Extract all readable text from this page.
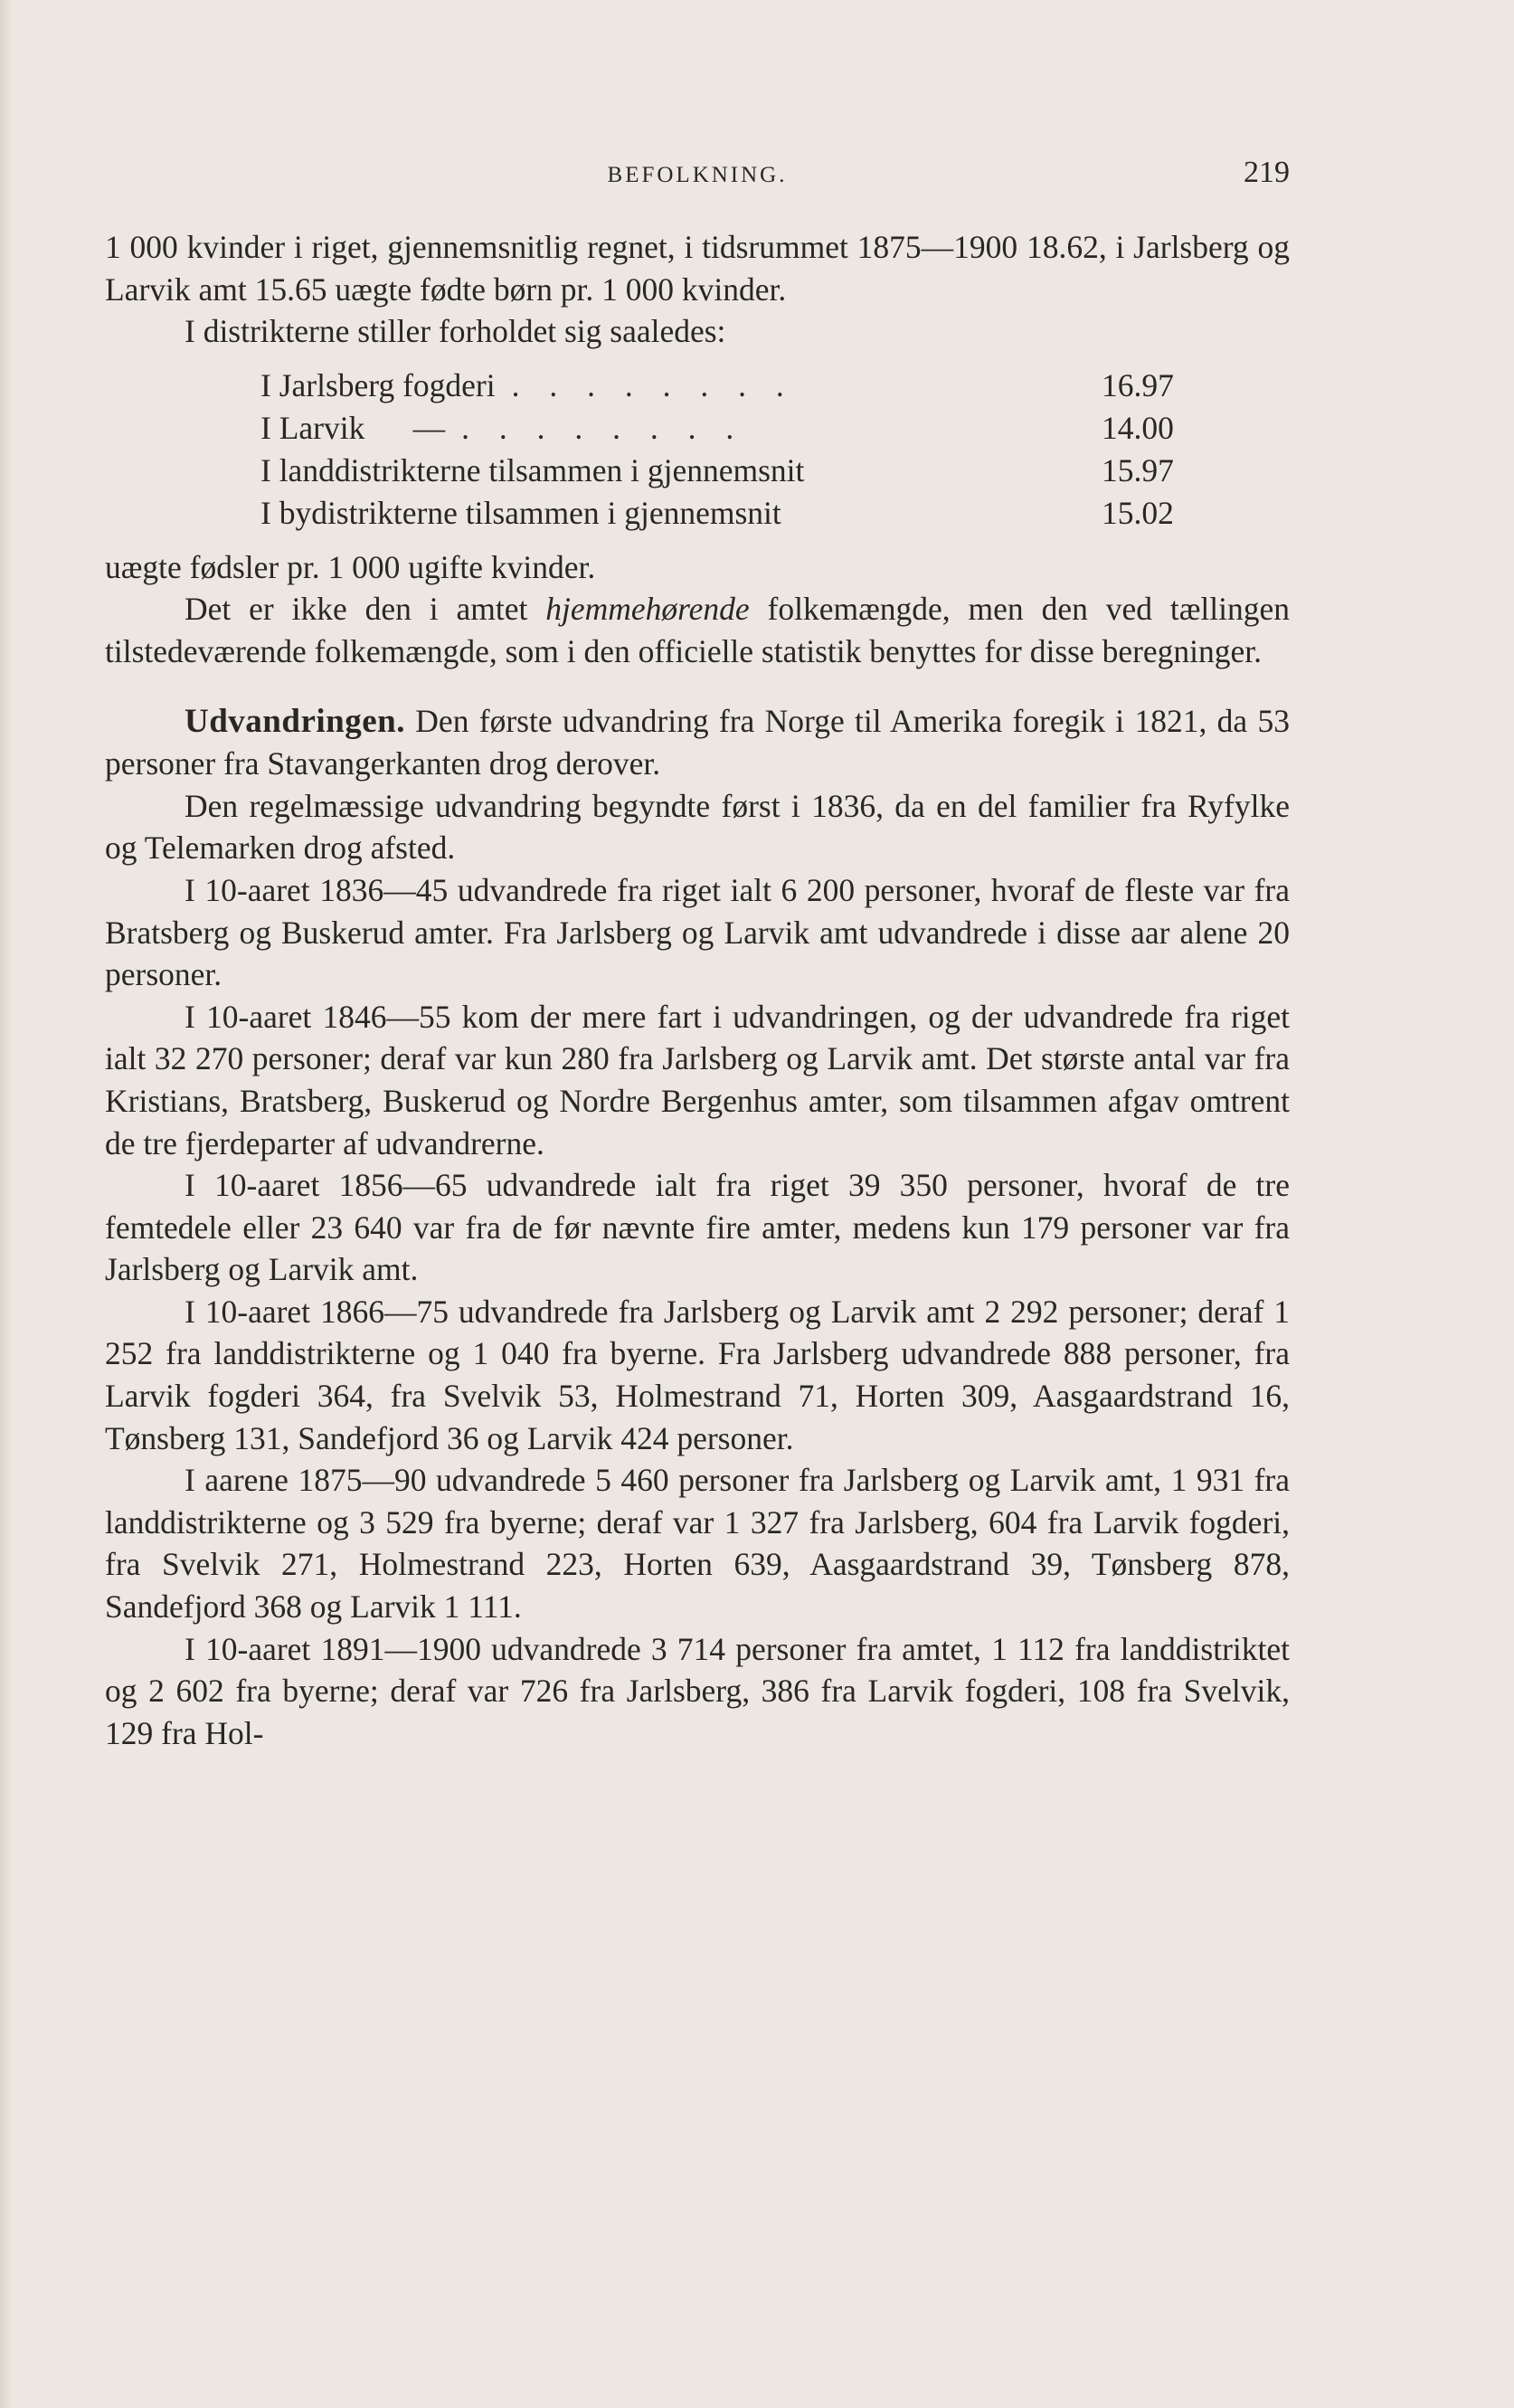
BEFOLKNING.	219

1 000 kvinder i riget, gjennemsnitlig regnet, i tidsrummet 1875—1900 18.62, i Jarlsberg og Larvik amt 15.65 uægte fødte børn pr. 1 000 kvinder.

I distrikterne stiller forholdet sig saaledes:

I Jarlsberg fogderi . . . . . . . .	16.97
I Larvik      — . . . . . . . .	14.00
I landdistrikterne tilsammen i gjennemsnit	15.97
I bydistrikterne tilsammen i gjennemsnit	15.02

uægte fødsler pr. 1 000 ugifte kvinder.

Det er ikke den i amtet hjemmehørende folkemængde, men den ved tællingen tilstedeværende folkemængde, som i den officielle statistik benyttes for disse beregninger.

Udvandringen. Den første udvandring fra Norge til Amerika foregik i 1821, da 53 personer fra Stavangerkanten drog derover.

Den regelmæssige udvandring begyndte først i 1836, da en del familier fra Ryfylke og Telemarken drog afsted.

I 10-aaret 1836—45 udvandrede fra riget ialt 6 200 personer, hvoraf de fleste var fra Bratsberg og Buskerud amter. Fra Jarlsberg og Larvik amt udvandrede i disse aar alene 20 personer.

I 10-aaret 1846—55 kom der mere fart i udvandringen, og der udvandrede fra riget ialt 32 270 personer; deraf var kun 280 fra Jarlsberg og Larvik amt. Det største antal var fra Kristians, Bratsberg, Buskerud og Nordre Bergenhus amter, som tilsammen afgav omtrent de tre fjerdeparter af udvandrerne.

I 10-aaret 1856—65 udvandrede ialt fra riget 39 350 personer, hvoraf de tre femtedele eller 23 640 var fra de før nævnte fire amter, medens kun 179 personer var fra Jarlsberg og Larvik amt.

I 10-aaret 1866—75 udvandrede fra Jarlsberg og Larvik amt 2 292 personer; deraf 1 252 fra landdistrikterne og 1 040 fra byerne. Fra Jarlsberg udvandrede 888 personer, fra Larvik fogderi 364, fra Svelvik 53, Holmestrand 71, Horten 309, Aasgaardstrand 16, Tønsberg 131, Sandefjord 36 og Larvik 424 personer.

I aarene 1875—90 udvandrede 5 460 personer fra Jarlsberg og Larvik amt, 1 931 fra landdistrikterne og 3 529 fra byerne; deraf var 1 327 fra Jarlsberg, 604 fra Larvik fogderi, fra Svelvik 271, Holmestrand 223, Horten 639, Aasgaardstrand 39, Tønsberg 878, Sandefjord 368 og Larvik 1 111.

I 10-aaret 1891—1900 udvandrede 3 714 personer fra amtet, 1 112 fra landdistriktet og 2 602 fra byerne; deraf var 726 fra Jarlsberg, 386 fra Larvik fogderi, 108 fra Svelvik, 129 fra Hol-
